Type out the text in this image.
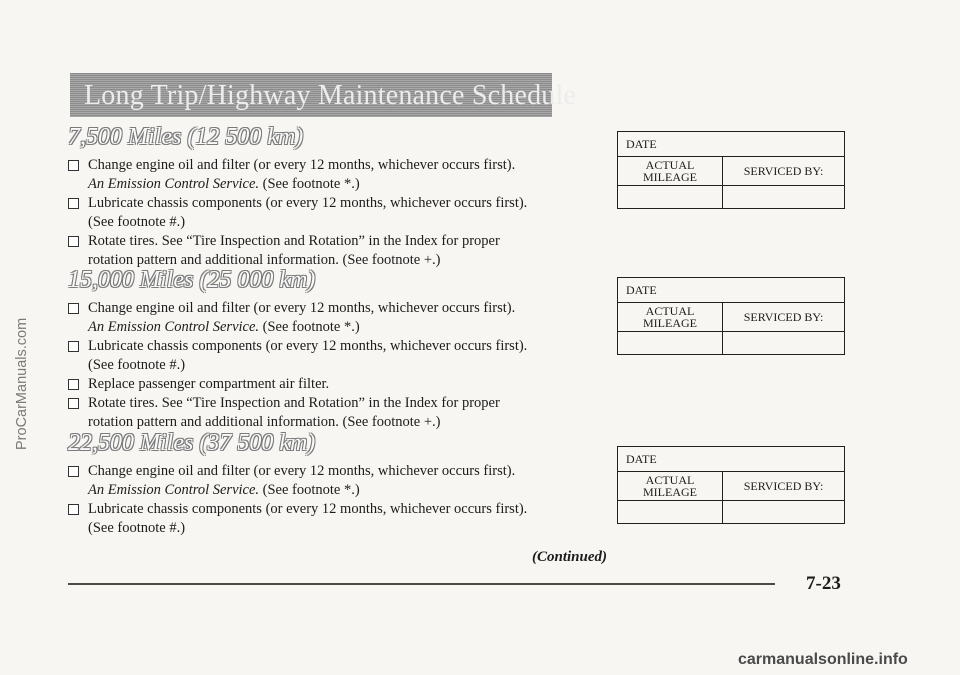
Long Trip/Highway Maintenance Schedule
7,500 Miles (12 500 km)
Change engine oil and filter (or every 12 months, whichever occurs first).
An Emission Control Service. (See footnote *.)
Lubricate chassis components (or every 12 months, whichever occurs first).
(See footnote #.)
Rotate tires. See “Tire Inspection and Rotation” in the Index for proper
rotation pattern and additional information. (See footnote +.)
15,000 Miles (25 000 km)
Change engine oil and filter (or every 12 months, whichever occurs first).
An Emission Control Service. (See footnote *.)
Lubricate chassis components (or every 12 months, whichever occurs first).
(See footnote #.)
Replace passenger compartment air filter.
Rotate tires. See “Tire Inspection and Rotation” in the Index for proper
rotation pattern and additional information. (See footnote +.)
22,500 Miles (37 500 km)
Change engine oil and filter (or every 12 months, whichever occurs first).
An Emission Control Service. (See footnote *.)
Lubricate chassis components (or every 12 months, whichever occurs first).
(See footnote #.)
DATE	

ACTUAL
MILEAGE	SERVICED BY:

DATE	

ACTUAL
MILEAGE	SERVICED BY:

DATE	

ACTUAL
MILEAGE	SERVICED BY:

(Continued)
7-23
ProCarManuals.com
carmanualsonline.info
